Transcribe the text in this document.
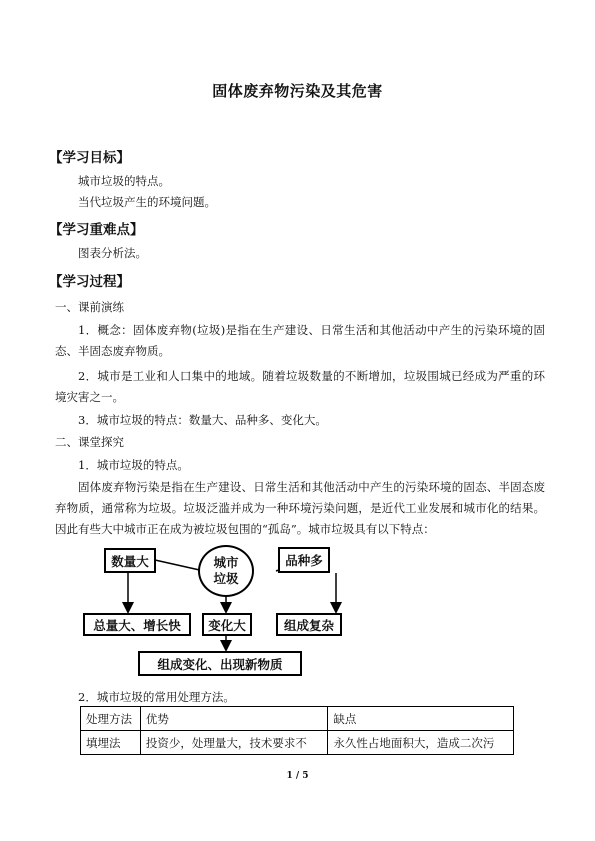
固体废弃物污染及其危害
【学习目标】
城市垃圾的特点。
当代垃圾产生的环境问题。
【学习重难点】
图表分析法。
【学习过程】
一、课前演练
1．概念：固体废弃物(垃圾)是指在生产建设、日常生活和其他活动中产生的污染环境的固态、半固态废弃物质。
2．城市是工业和人口集中的地域。随着垃圾数量的不断增加，垃圾围城已经成为严重的环境灾害之一。
3．城市垃圾的特点：数量大、品种多、变化大。
二、课堂探究
1．城市垃圾的特点。
固体废弃物污染是指在生产建设、日常生活和其他活动中产生的污染环境的固态、半固态废弃物质，通常称为垃圾。垃圾泛滥并成为一种环境污染问题，是近代工业发展和城市化的结果。因此有些大中城市正在成为被垃圾包围的“孤岛”。城市垃圾具有以下特点：
数量大	城市
垃圾
品种多
总量大、增长快	变化大	组成复杂
组成变化、出现新物质
2．城市垃圾的常用处理方法。
处理方法	优势	缺点
填埋法	投资少，处理量大，技术要求不	永久性占地面积大，造成二次污
1 / 5
